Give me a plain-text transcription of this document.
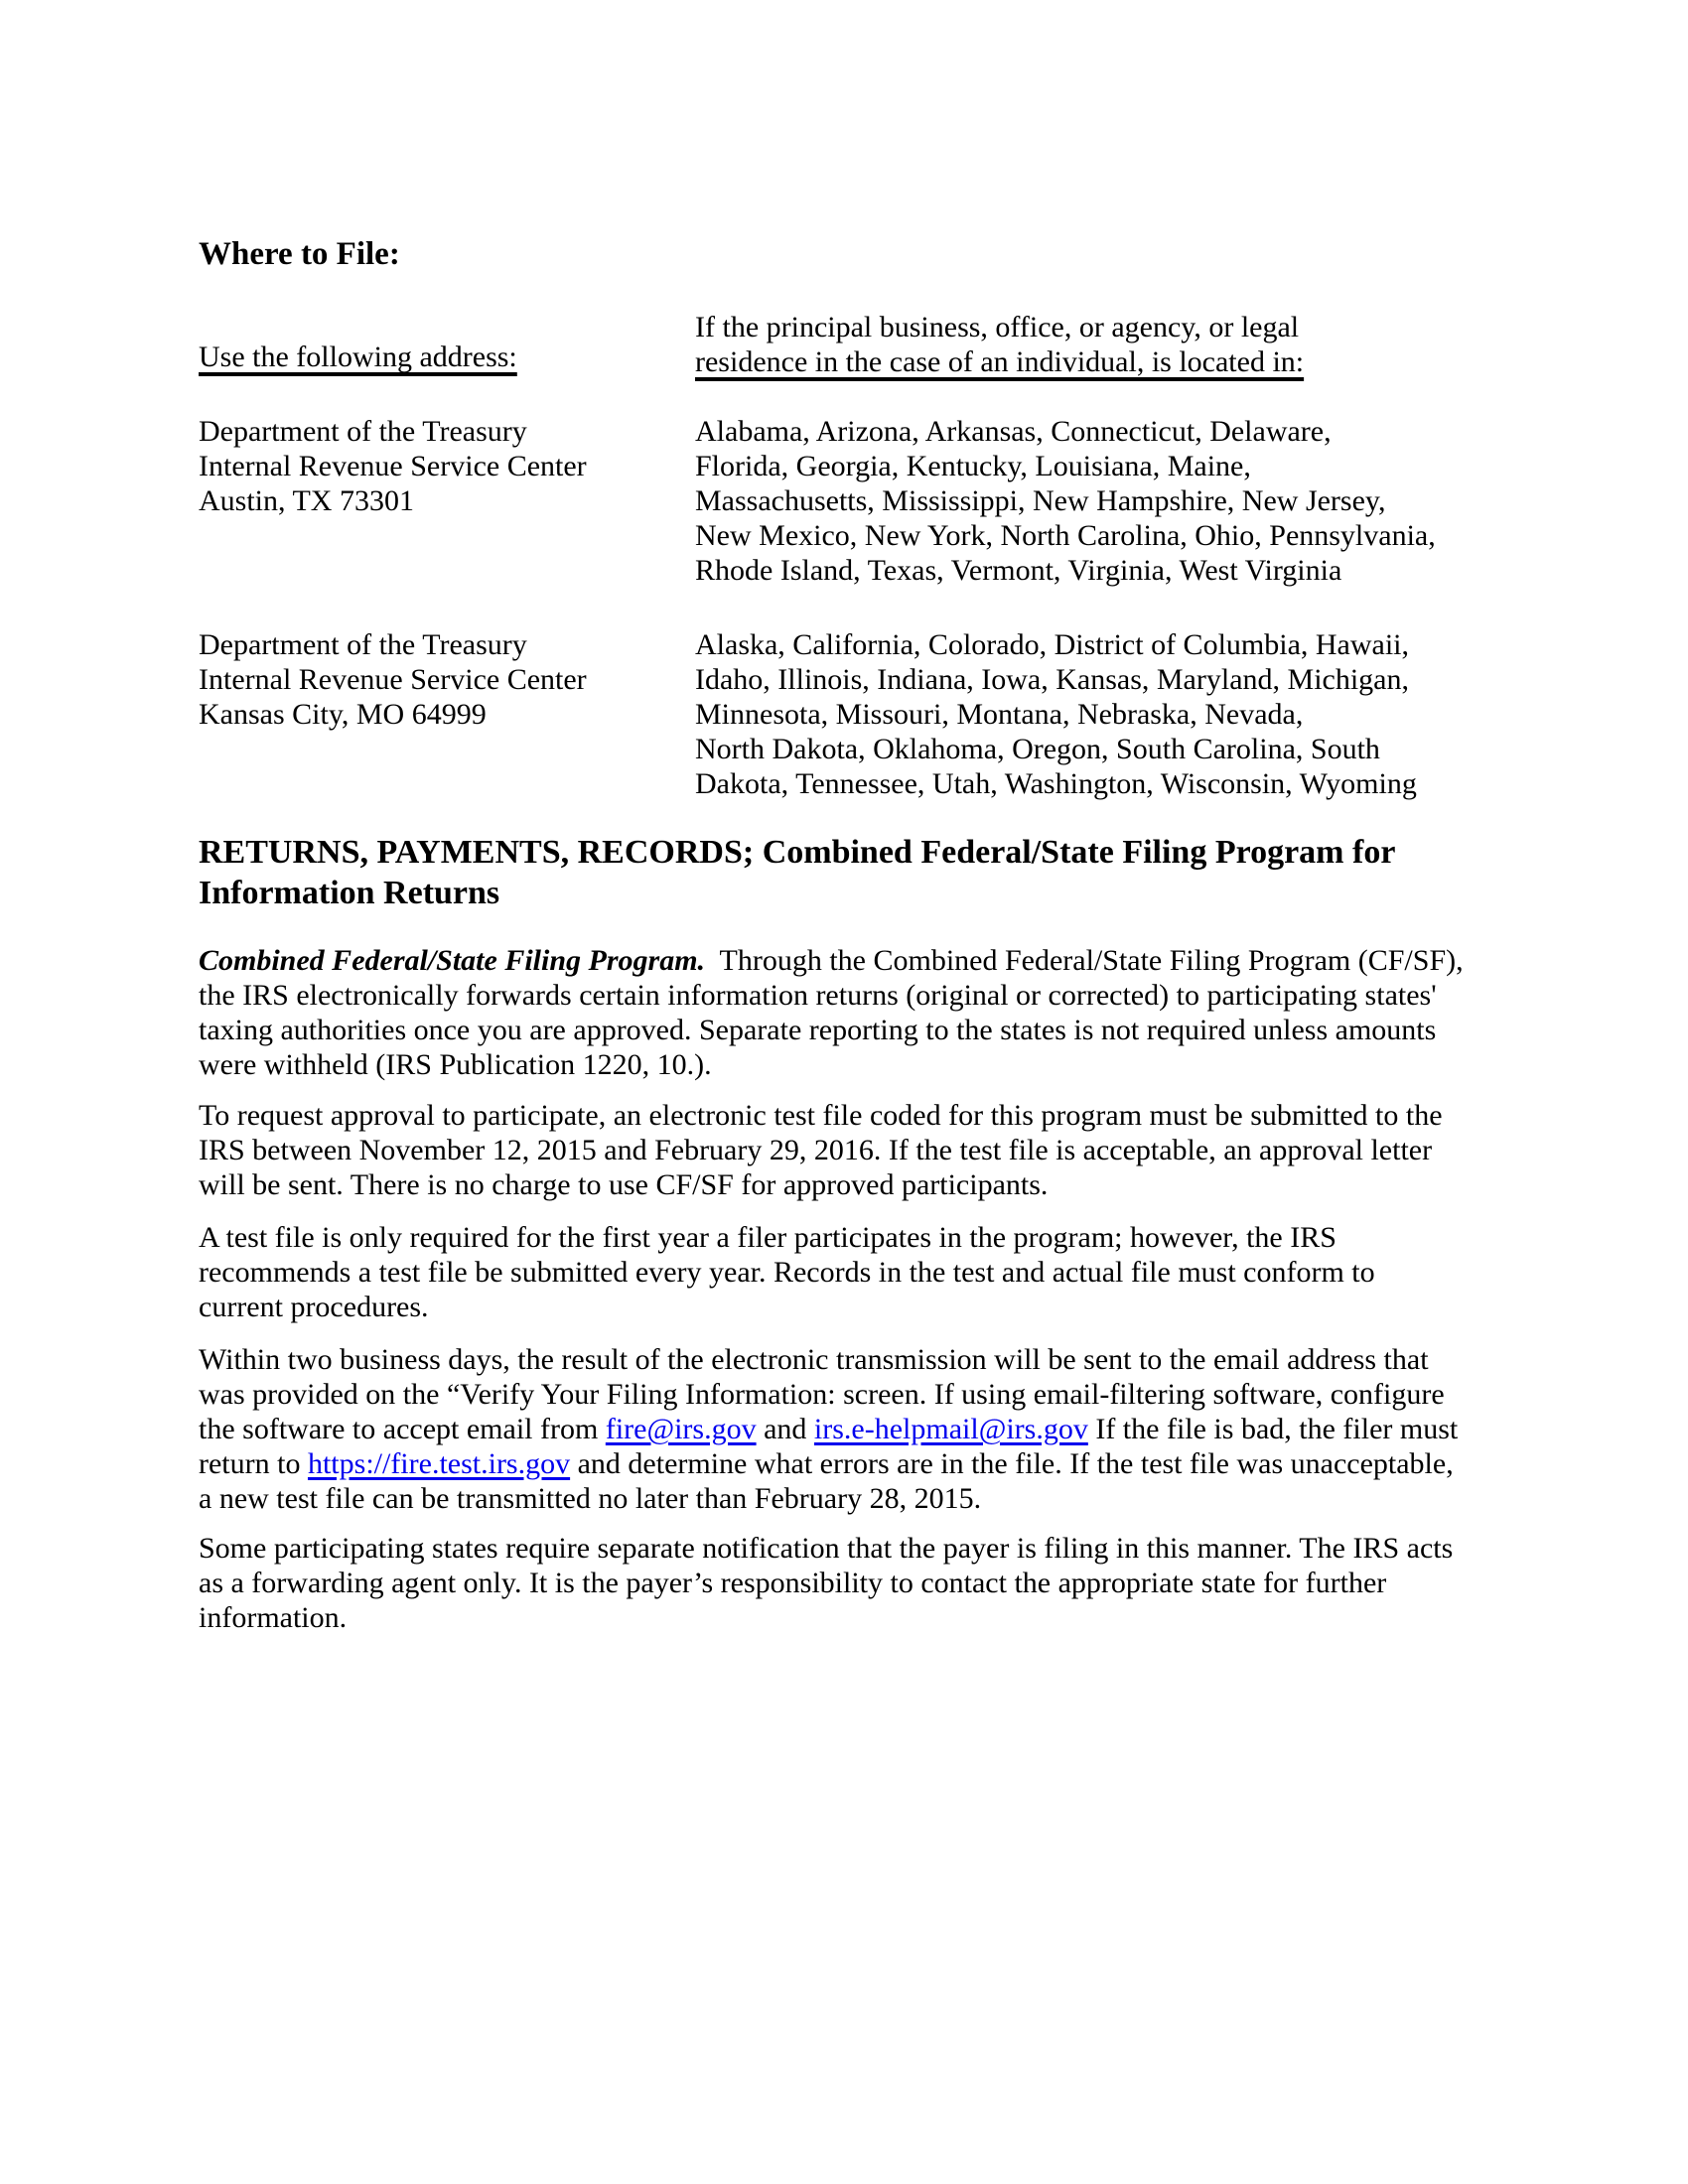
Where to File:
If the principal business, office, or agency, or legal
residence in the case of an individual, is located in:
Use the following address:
Department of the Treasury
Internal Revenue Service Center
Austin, TX 73301
Alabama, Arizona, Arkansas, Connecticut, Delaware,
Florida, Georgia, Kentucky, Louisiana, Maine,
Massachusetts, Mississippi, New Hampshire, New Jersey,
New Mexico, New York, North Carolina, Ohio, Pennsylvania,
Rhode Island, Texas, Vermont, Virginia, West Virginia
Department of the Treasury
Internal Revenue Service Center
Kansas City, MO 64999
Alaska, California, Colorado, District of Columbia, Hawaii,
Idaho, Illinois, Indiana, Iowa, Kansas, Maryland, Michigan,
Minnesota, Missouri, Montana, Nebraska, Nevada,
North Dakota, Oklahoma, Oregon, South Carolina, South
Dakota, Tennessee, Utah, Washington, Wisconsin, Wyoming
RETURNS, PAYMENTS, RECORDS; Combined Federal/State Filing Program for
Information Returns
Combined Federal/State Filing Program.  Through the Combined Federal/State Filing Program (CF/SF),
the IRS electronically forwards certain information returns (original or corrected) to participating states'
taxing authorities once you are approved. Separate reporting to the states is not required unless amounts
were withheld (IRS Publication 1220, 10.).
To request approval to participate, an electronic test file coded for this program must be submitted to the
IRS between November 12, 2015 and February 29, 2016. If the test file is acceptable, an approval letter
will be sent. There is no charge to use CF/SF for approved participants.
A test file is only required for the first year a filer participates in the program; however, the IRS
recommends a test file be submitted every year. Records in the test and actual file must conform to
current procedures.
Within two business days, the result of the electronic transmission will be sent to the email address that
was provided on the “Verify Your Filing Information: screen. If using email-filtering software, configure
the software to accept email from fire@irs.gov and irs.e-helpmail@irs.gov If the file is bad, the filer must
return to https://fire.test.irs.gov and determine what errors are in the file. If the test file was unacceptable,
a new test file can be transmitted no later than February 28, 2015.
Some participating states require separate notification that the payer is filing in this manner. The IRS acts
as a forwarding agent only. It is the payer’s responsibility to contact the appropriate state for further
information.
